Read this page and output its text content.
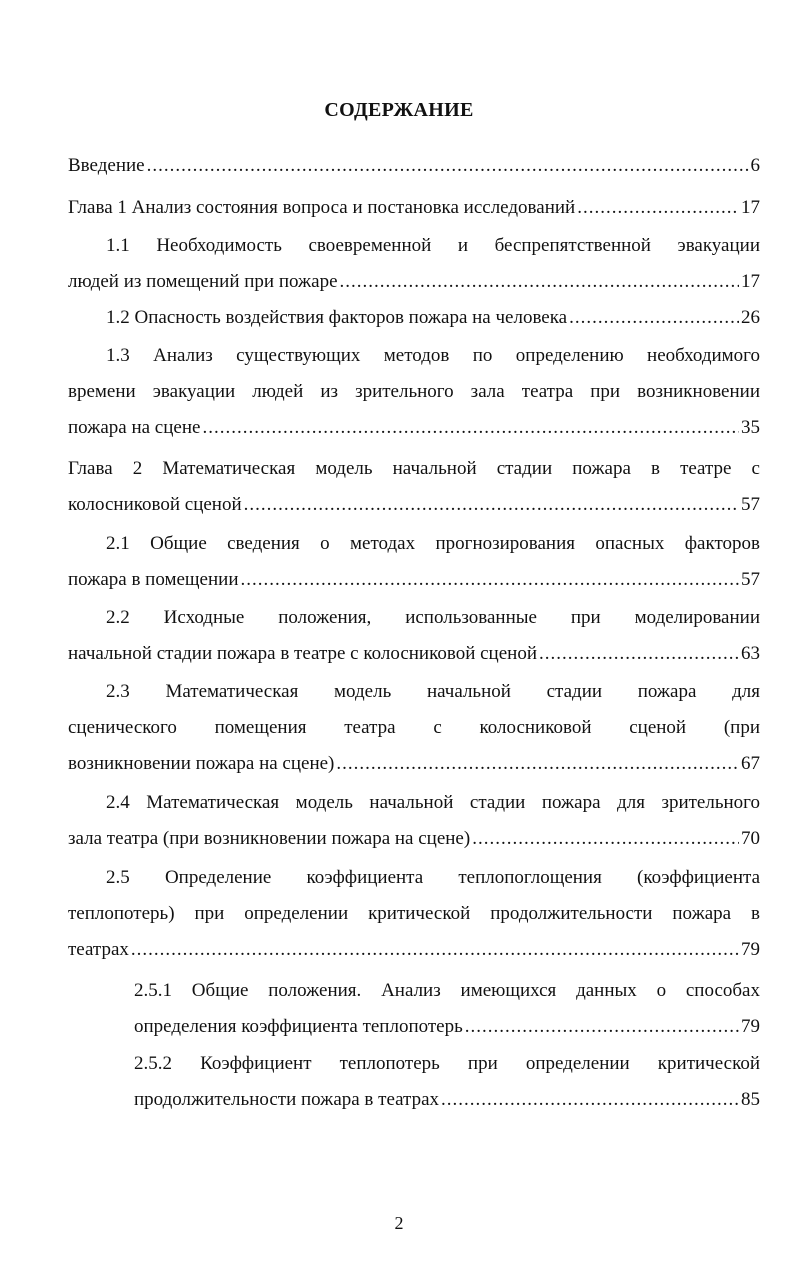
СОДЕРЖАНИЕ
Введение .....	6
Глава 1 Анализ состояния вопроса и постановка исследований .....	17
1.1 Необходимость своевременной и беспрепятственной эвакуации
людей из помещений при пожаре .....	17
1.2 Опасность воздействия факторов пожара на человека .....	26
1.3 Анализ существующих методов по определению необходимого
времени эвакуации людей из зрительного зала театра при возникновении
пожара на сцене .....	35
Глава 2 Математическая модель начальной стадии пожара в театре с
колосниковой сценой .....	57
2.1 Общие сведения о методах прогнозирования опасных факторов
пожара в помещении .....	57
2.2 Исходные положения, использованные при моделировании
начальной стадии пожара в театре с колосниковой сценой .....	63
2.3 Математическая модель начальной стадии пожара для
сценического помещения театра с колосниковой сценой (при
возникновении пожара на сцене) .....	67
2.4 Математическая модель начальной стадии пожара для зрительного
зала театра (при возникновении пожара на сцене) .....	70
2.5 Определение коэффициента теплопоглощения (коэффициента
теплопотерь) при определении критической продолжительности пожара в
театрах .....	79
2.5.1 Общие положения. Анализ имеющихся данных о способах
определения коэффициента теплопотерь .....	79
2.5.2 Коэффициент теплопотерь при определении критической
продолжительности пожара в театрах .....	85
2
